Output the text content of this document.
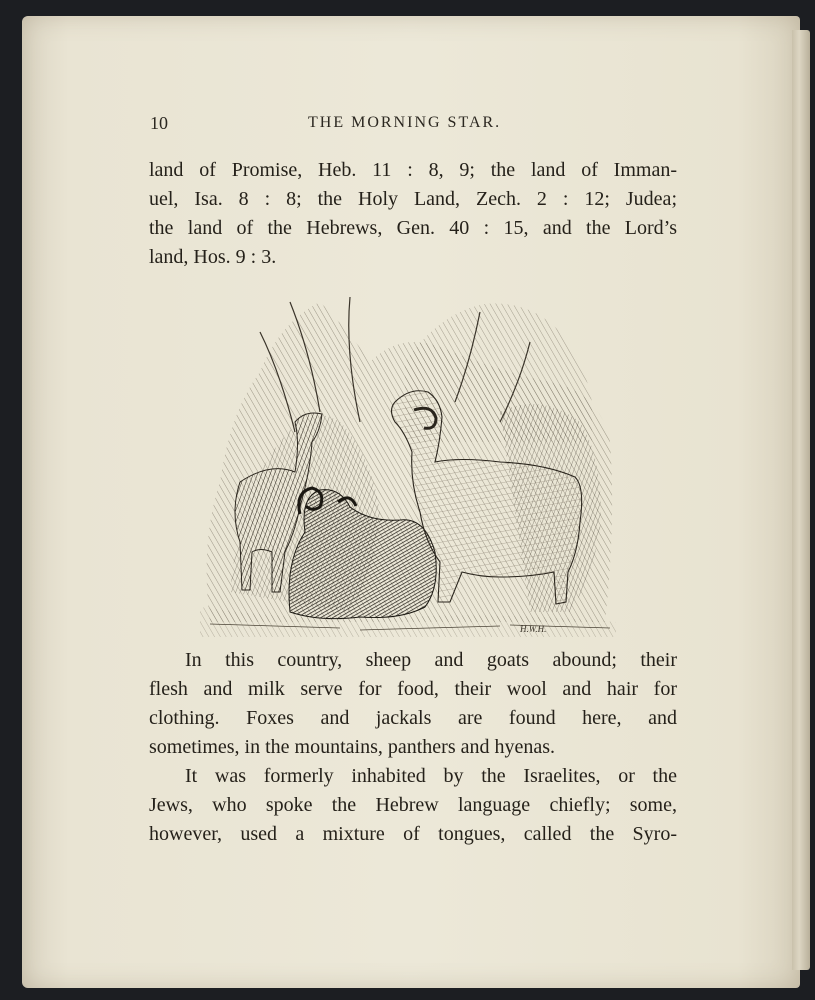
10	THE MORNING STAR.
land of Promise, Heb. 11 : 8, 9; the land of Imman-
uel, Isa. 8 : 8; the Holy Land, Zech. 2 : 12; Judea;
the land of the Hebrews, Gen. 40 : 15, and the Lord’s
land, Hos. 9 : 3.
H.W.H.
In this country, sheep and goats abound; their
flesh and milk serve for food, their wool and hair for
clothing. Foxes and jackals are found here, and
sometimes, in the mountains, panthers and hyenas.
It was formerly inhabited by the Israelites, or the
Jews, who spoke the Hebrew language chiefly; some,
however, used a mixture of tongues, called the Syro-
